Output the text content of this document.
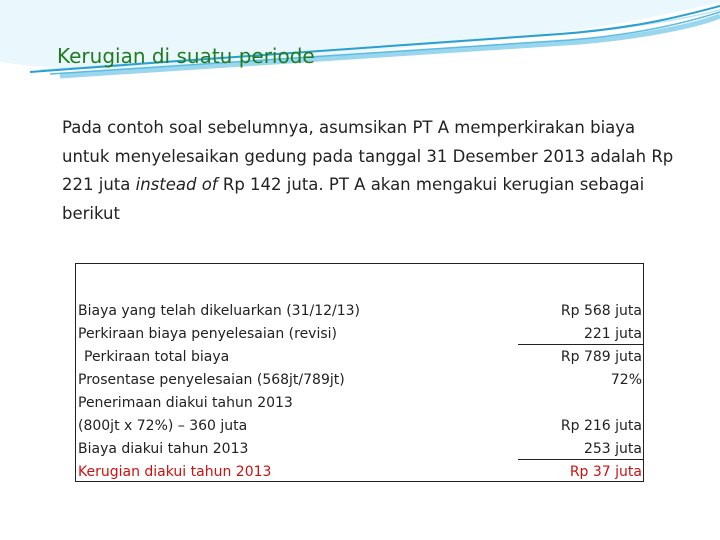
Kerugian di suatu periode

Pada contoh soal sebelumnya, asumsikan PT A memperkirakan biaya untuk menyelesaikan gedung pada tanggal 31 Desember 2013 adalah Rp 221 juta instead of Rp 142 juta. PT A akan mengakui kerugian sebagai berikut

Biaya yang telah dikeluarkan (31/12/13)	Rp 568 juta
Perkiraan biaya penyelesaian (revisi)	221 juta
Perkiraan total biaya	Rp 789 juta
Prosentase penyelesaian (568jt/789jt)	72%
Penerimaan diakui tahun 2013
(800jt x 72%) – 360 juta	Rp 216 juta
Biaya diakui tahun 2013	253 juta
Kerugian diakui tahun 2013	Rp 37 juta
